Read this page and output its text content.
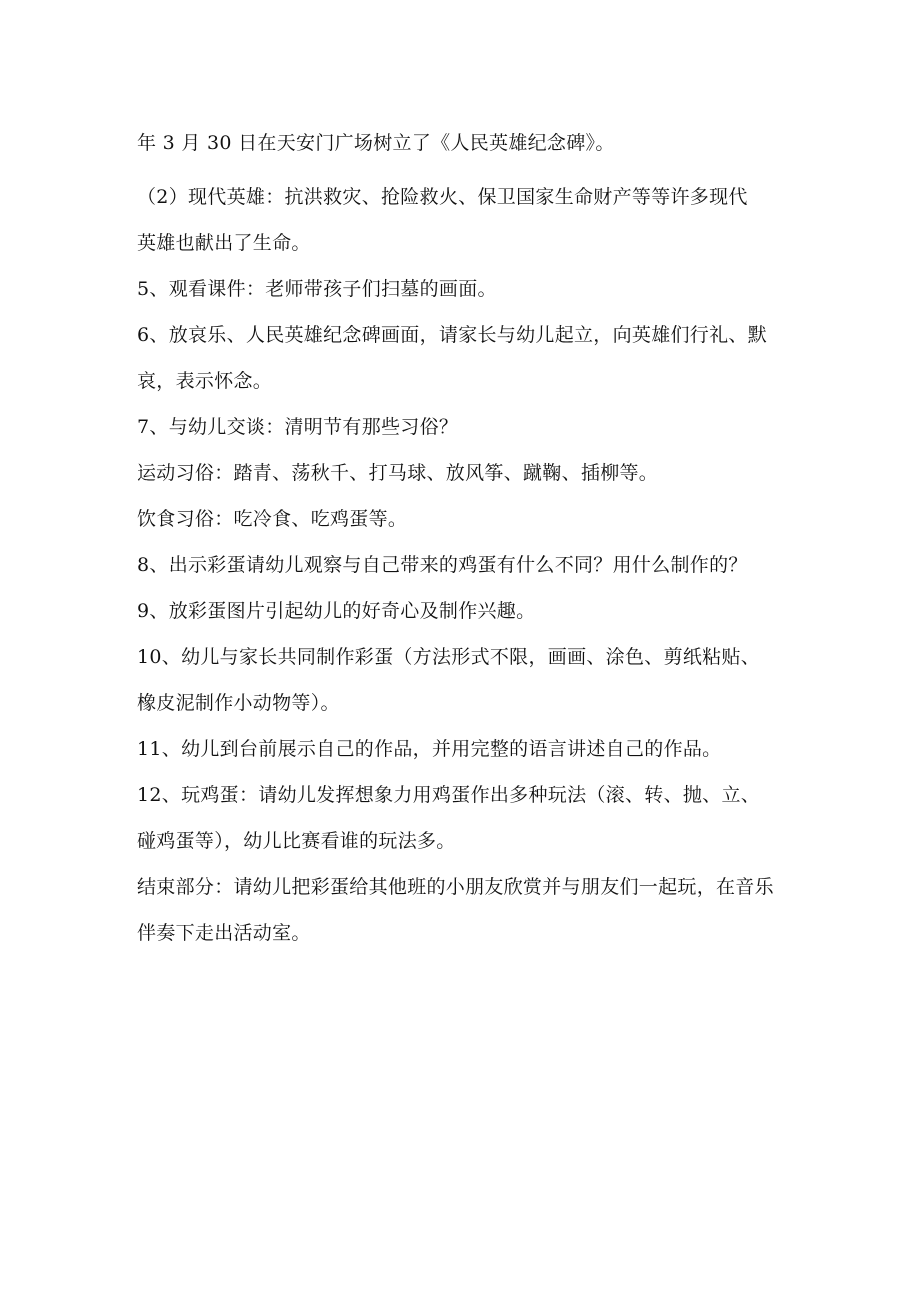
年 3 月 30 日在天安门广场树立了《人民英雄纪念碑》。
（2）现代英雄：抗洪救灾、抢险救火、保卫国家生命财产等等许多现代
英雄也献出了生命。
5、观看课件：老师带孩子们扫墓的画面。
6、放哀乐、人民英雄纪念碑画面，请家长与幼儿起立，向英雄们行礼、默
哀，表示怀念。
7、与幼儿交谈：清明节有那些习俗？
运动习俗：踏青、荡秋千、打马球、放风筝、蹴鞠、插柳等。
饮食习俗：吃冷食、吃鸡蛋等。
8、出示彩蛋请幼儿观察与自己带来的鸡蛋有什么不同？用什么制作的？
9、放彩蛋图片引起幼儿的好奇心及制作兴趣。
10、幼儿与家长共同制作彩蛋（方法形式不限，画画、涂色、剪纸粘贴、
橡皮泥制作小动物等）。
11、幼儿到台前展示自己的作品，并用完整的语言讲述自己的作品。
12、玩鸡蛋：请幼儿发挥想象力用鸡蛋作出多种玩法（滚、转、抛、立、
碰鸡蛋等），幼儿比赛看谁的玩法多。
结束部分：请幼儿把彩蛋给其他班的小朋友欣赏并与朋友们一起玩，在音乐
伴奏下走出活动室。
